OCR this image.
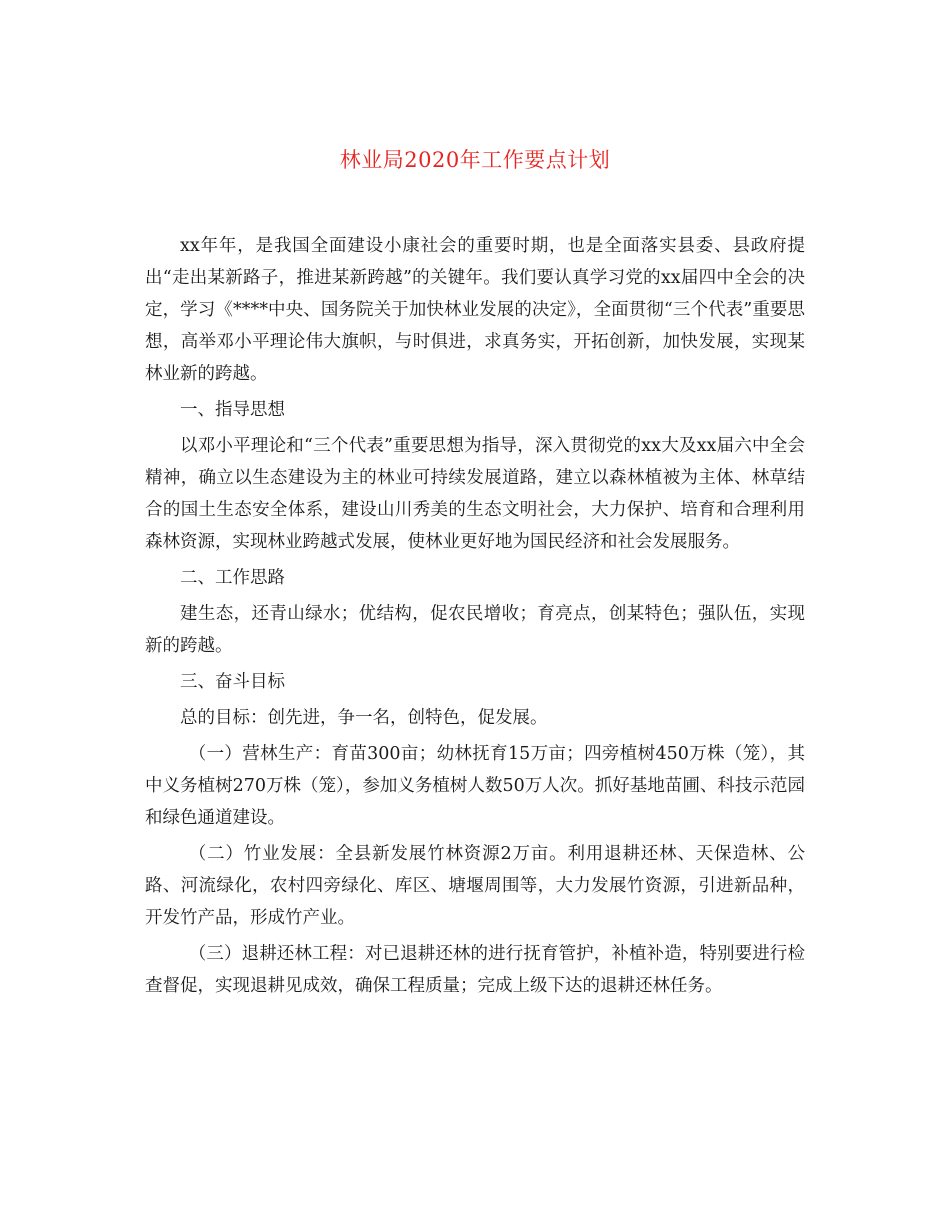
林业局2020年工作要点计划

xx年年，是我国全面建设小康社会的重要时期，也是全面落实县委、县政府提出“走出某新路子，推进某新跨越”的关键年。我们要认真学习党的xx届四中全会的决定，学习《****中央、国务院关于加快林业发展的决定》，全面贯彻“三个代表”重要思想，高举邓小平理论伟大旗帜，与时俱进，求真务实，开拓创新，加快发展，实现某林业新的跨越。

一、指导思想

以邓小平理论和“三个代表”重要思想为指导，深入贯彻党的xx大及xx届六中全会精神，确立以生态建设为主的林业可持续发展道路，建立以森林植被为主体、林草结合的国土生态安全体系，建设山川秀美的生态文明社会，大力保护、培育和合理利用森林资源，实现林业跨越式发展，使林业更好地为国民经济和社会发展服务。

二、工作思路

建生态，还青山绿水；优结构，促农民增收；育亮点，创某特色；强队伍，实现新的跨越。

三、奋斗目标

总的目标：创先进，争一名，创特色，促发展。

（一）营林生产：育苗300亩；幼林抚育15万亩；四旁植树450万株（笼），其中义务植树270万株（笼），参加义务植树人数50万人次。抓好基地苗圃、科技示范园和绿色通道建设。

（二）竹业发展：全县新发展竹林资源2万亩。利用退耕还林、天保造林、公路、河流绿化，农村四旁绿化、库区、塘堰周围等，大力发展竹资源，引进新品种，开发竹产品，形成竹产业。

（三）退耕还林工程：对已退耕还林的进行抚育管护，补植补造，特别要进行检查督促，实现退耕见成效，确保工程质量；完成上级下达的退耕还林任务。
